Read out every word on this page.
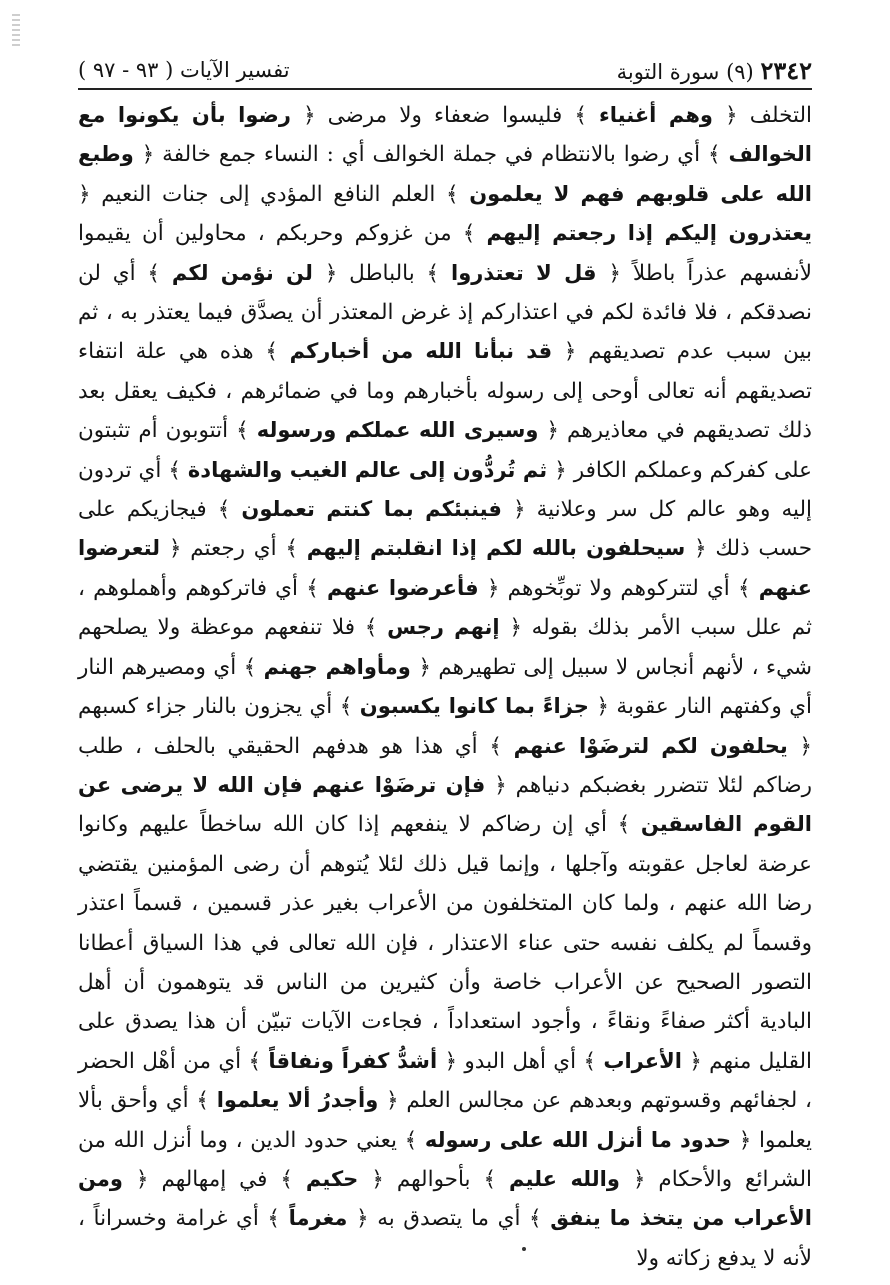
تفسير الآيات ( ٩٣ - ٩٧ )	٢٣٤٢ (٩) سورة التوبة

التخلف ﴿ وهم أغنياء ﴾ فليسوا ضعفاء ولا مرضى ﴿ رضوا بأن يكونوا مع الخوالف ﴾ أي رضوا بالانتظام في جملة الخوالف أي : النساء جمع خالفة ﴿ وطبع الله على قلوبهم فهم لا يعلمون ﴾ العلم النافع المؤدي إلى جنات النعيم ﴿ يعتذرون إليكم إذا رجعتم إليهم ﴾ من غزوكم وحربكم ، محاولين أن يقيموا لأنفسهم عذراً باطلاً ﴿ قل لا تعتذروا ﴾ بالباطل ﴿ لن نؤمن لكم ﴾ أي لن نصدقكم ، فلا فائدة لكم في اعتذاركم إذ غرض المعتذر أن يصدَّق فيما يعتذر به ، ثم بين سبب عدم تصديقهم ﴿ قد نبأنا الله من أخباركم ﴾ هذه هي علة انتفاء تصديقهم أنه تعالى أوحى إلى رسوله بأخبارهم وما في ضمائرهم ، فكيف يعقل بعد ذلك تصديقهم في معاذيرهم ﴿ وسيرى الله عملكم ورسوله ﴾ أتتوبون أم تثبتون على كفركم وعملكم الكافر ﴿ ثم تُردُّون إلى عالم الغيب والشهادة ﴾ أي تردون إليه وهو عالم كل سر وعلانية ﴿ فينبئكم بما كنتم تعملون ﴾ فيجازيكم على حسب ذلك ﴿ سيحلفون بالله لكم إذا انقلبتم إليهم ﴾ أي رجعتم ﴿ لتعرضوا عنهم ﴾ أي لتتركوهم ولا توبِّخوهم ﴿ فأعرضوا عنهم ﴾ أي فاتركوهم وأهملوهم ، ثم علل سبب الأمر بذلك بقوله ﴿ إنهم رجس ﴾ فلا تنفعهم موعظة ولا يصلحهم شيء ، لأنهم أنجاس لا سبيل إلى تطهيرهم ﴿ ومأواهم جهنم ﴾ أي ومصيرهم النار أي وكفتهم النار عقوبة ﴿ جزاءً بما كانوا يكسبون ﴾ أي يجزون بالنار جزاء كسبهم ﴿ يحلفون لكم لترضَوْا عنهم ﴾ أي هذا هو هدفهم الحقيقي بالحلف ، طلب رضاكم لئلا تتضرر بغضبكم دنياهم ﴿ فإن ترضَوْا عنهم فإن الله لا يرضى عن القوم الفاسقين ﴾ أي إن رضاكم لا ينفعهم إذا كان الله ساخطاً عليهم وكانوا عرضة لعاجل عقوبته وآجلها ، وإنما قيل ذلك لئلا يُتوهم أن رضى المؤمنين يقتضي رضا الله عنهم ، ولما كان المتخلفون من الأعراب بغير عذر قسمين ، قسماً اعتذر وقسماً لم يكلف نفسه حتى عناء الاعتذار ، فإن الله تعالى في هذا السياق أعطانا التصور الصحيح عن الأعراب خاصة وأن كثيرين من الناس قد يتوهمون أن أهل البادية أكثر صفاءً ونقاءً ، وأجود استعداداً ، فجاءت الآيات تبيّن أن هذا يصدق على القليل منهم ﴿ الأعراب ﴾ أي أهل البدو ﴿ أشدُّ كفراً ونفاقاً ﴾ أي من أهْل الحضر ، لجفائهم وقسوتهم وبعدهم عن مجالس العلم ﴿ وأجدرُ ألا يعلموا ﴾ أي وأحق بألا يعلموا ﴿ حدود ما أنزل الله على رسوله ﴾ يعني حدود الدين ، وما أنزل الله من الشرائع والأحكام ﴿ والله عليم ﴾ بأحوالهم ﴿ حكيم ﴾ في إمهالهم ﴿ ومن الأعراب من يتخذ ما ينفق ﴾ أي ما يتصدق به ﴿ مغرماً ﴾ أي غرامة وخسراناً ، لأنه لا يدفع زكاته ولا
